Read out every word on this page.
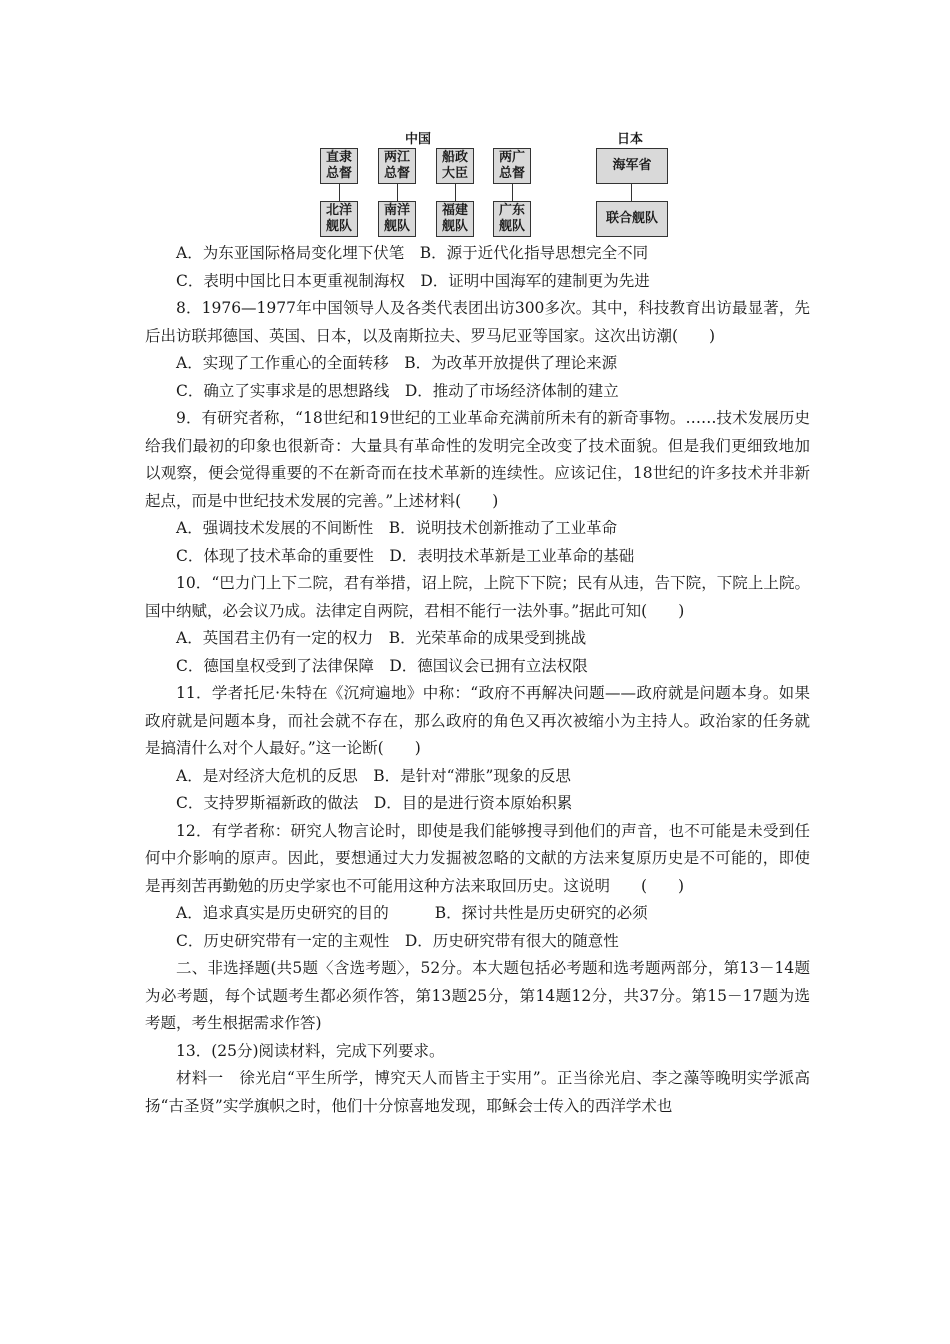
中国	日本
直隶
总督
北洋
舰队
两江
总督
南洋
舰队
船政
大臣
福建
舰队
两广
总督
广东
舰队
海军省
联合舰队
A．为东亚国际格局变化埋下伏笔　B．源于近代化指导思想完全不同
C．表明中国比日本更重视制海权　D．证明中国海军的建制更为先进
8．1976—1977年中国领导人及各类代表团出访300多次。其中，科技教育出访最显著，先后出访联邦德国、英国、日本，以及南斯拉夫、罗马尼亚等国家。这次出访潮(　　)
A．实现了工作重心的全面转移　B．为改革开放提供了理论来源
C．确立了实事求是的思想路线　D．推动了市场经济体制的建立
9．有研究者称，“18世纪和19世纪的工业革命充满前所未有的新奇事物。……技术发展历史给我们最初的印象也很新奇：大量具有革命性的发明完全改变了技术面貌。但是我们更细致地加以观察，便会觉得重要的不在新奇而在技术革新的连续性。应该记住，18世纪的许多技术并非新起点，而是中世纪技术发展的完善。”上述材料(　　)
A．强调技术发展的不间断性　B．说明技术创新推动了工业革命
C．体现了技术革命的重要性　D．表明技术革新是工业革命的基础
10．“巴力门上下二院，君有举措，诏上院，上院下下院；民有从违，告下院，下院上上院。国中纳赋，必会议乃成。法律定自两院，君相不能行一法外事。”据此可知(　　)
A．英国君主仍有一定的权力　B．光荣革命的成果受到挑战
C．德国皇权受到了法律保障　D．德国议会已拥有立法权限
11．学者托尼·朱特在《沉疴遍地》中称：“政府不再解决问题——政府就是问题本身。如果政府就是问题本身，而社会就不存在，那么政府的角色又再次被缩小为主持人。政治家的任务就是搞清什么对个人最好。”这一论断(　　)
A．是对经济大危机的反思　B．是针对“滞胀”现象的反思
C．支持罗斯福新政的做法　D．目的是进行资本原始积累
12．有学者称：研究人物言论时，即使是我们能够搜寻到他们的声音，也不可能是未受到任何中介影响的原声。因此，要想通过大力发掘被忽略的文献的方法来复原历史是不可能的，即使是再刻苦再勤勉的历史学家也不可能用这种方法来取回历史。这说明　　(　　)
A．追求真实是历史研究的目的	B．探讨共性是历史研究的必须
C．历史研究带有一定的主观性　D．历史研究带有很大的随意性
二、非选择题(共5题〈含选考题〉，52分。本大题包括必考题和选考题两部分，第13－14题为必考题，每个试题考生都必须作答，第13题25分，第14题12分，共37分。第15－17题为选考题，考生根据需求作答)
13．(25分)阅读材料，完成下列要求。
材料一　徐光启“平生所学，博究天人而皆主于实用”。正当徐光启、李之藻等晚明实学派高扬“古圣贤”实学旗帜之时，他们十分惊喜地发现，耶稣会士传入的西洋学术也
